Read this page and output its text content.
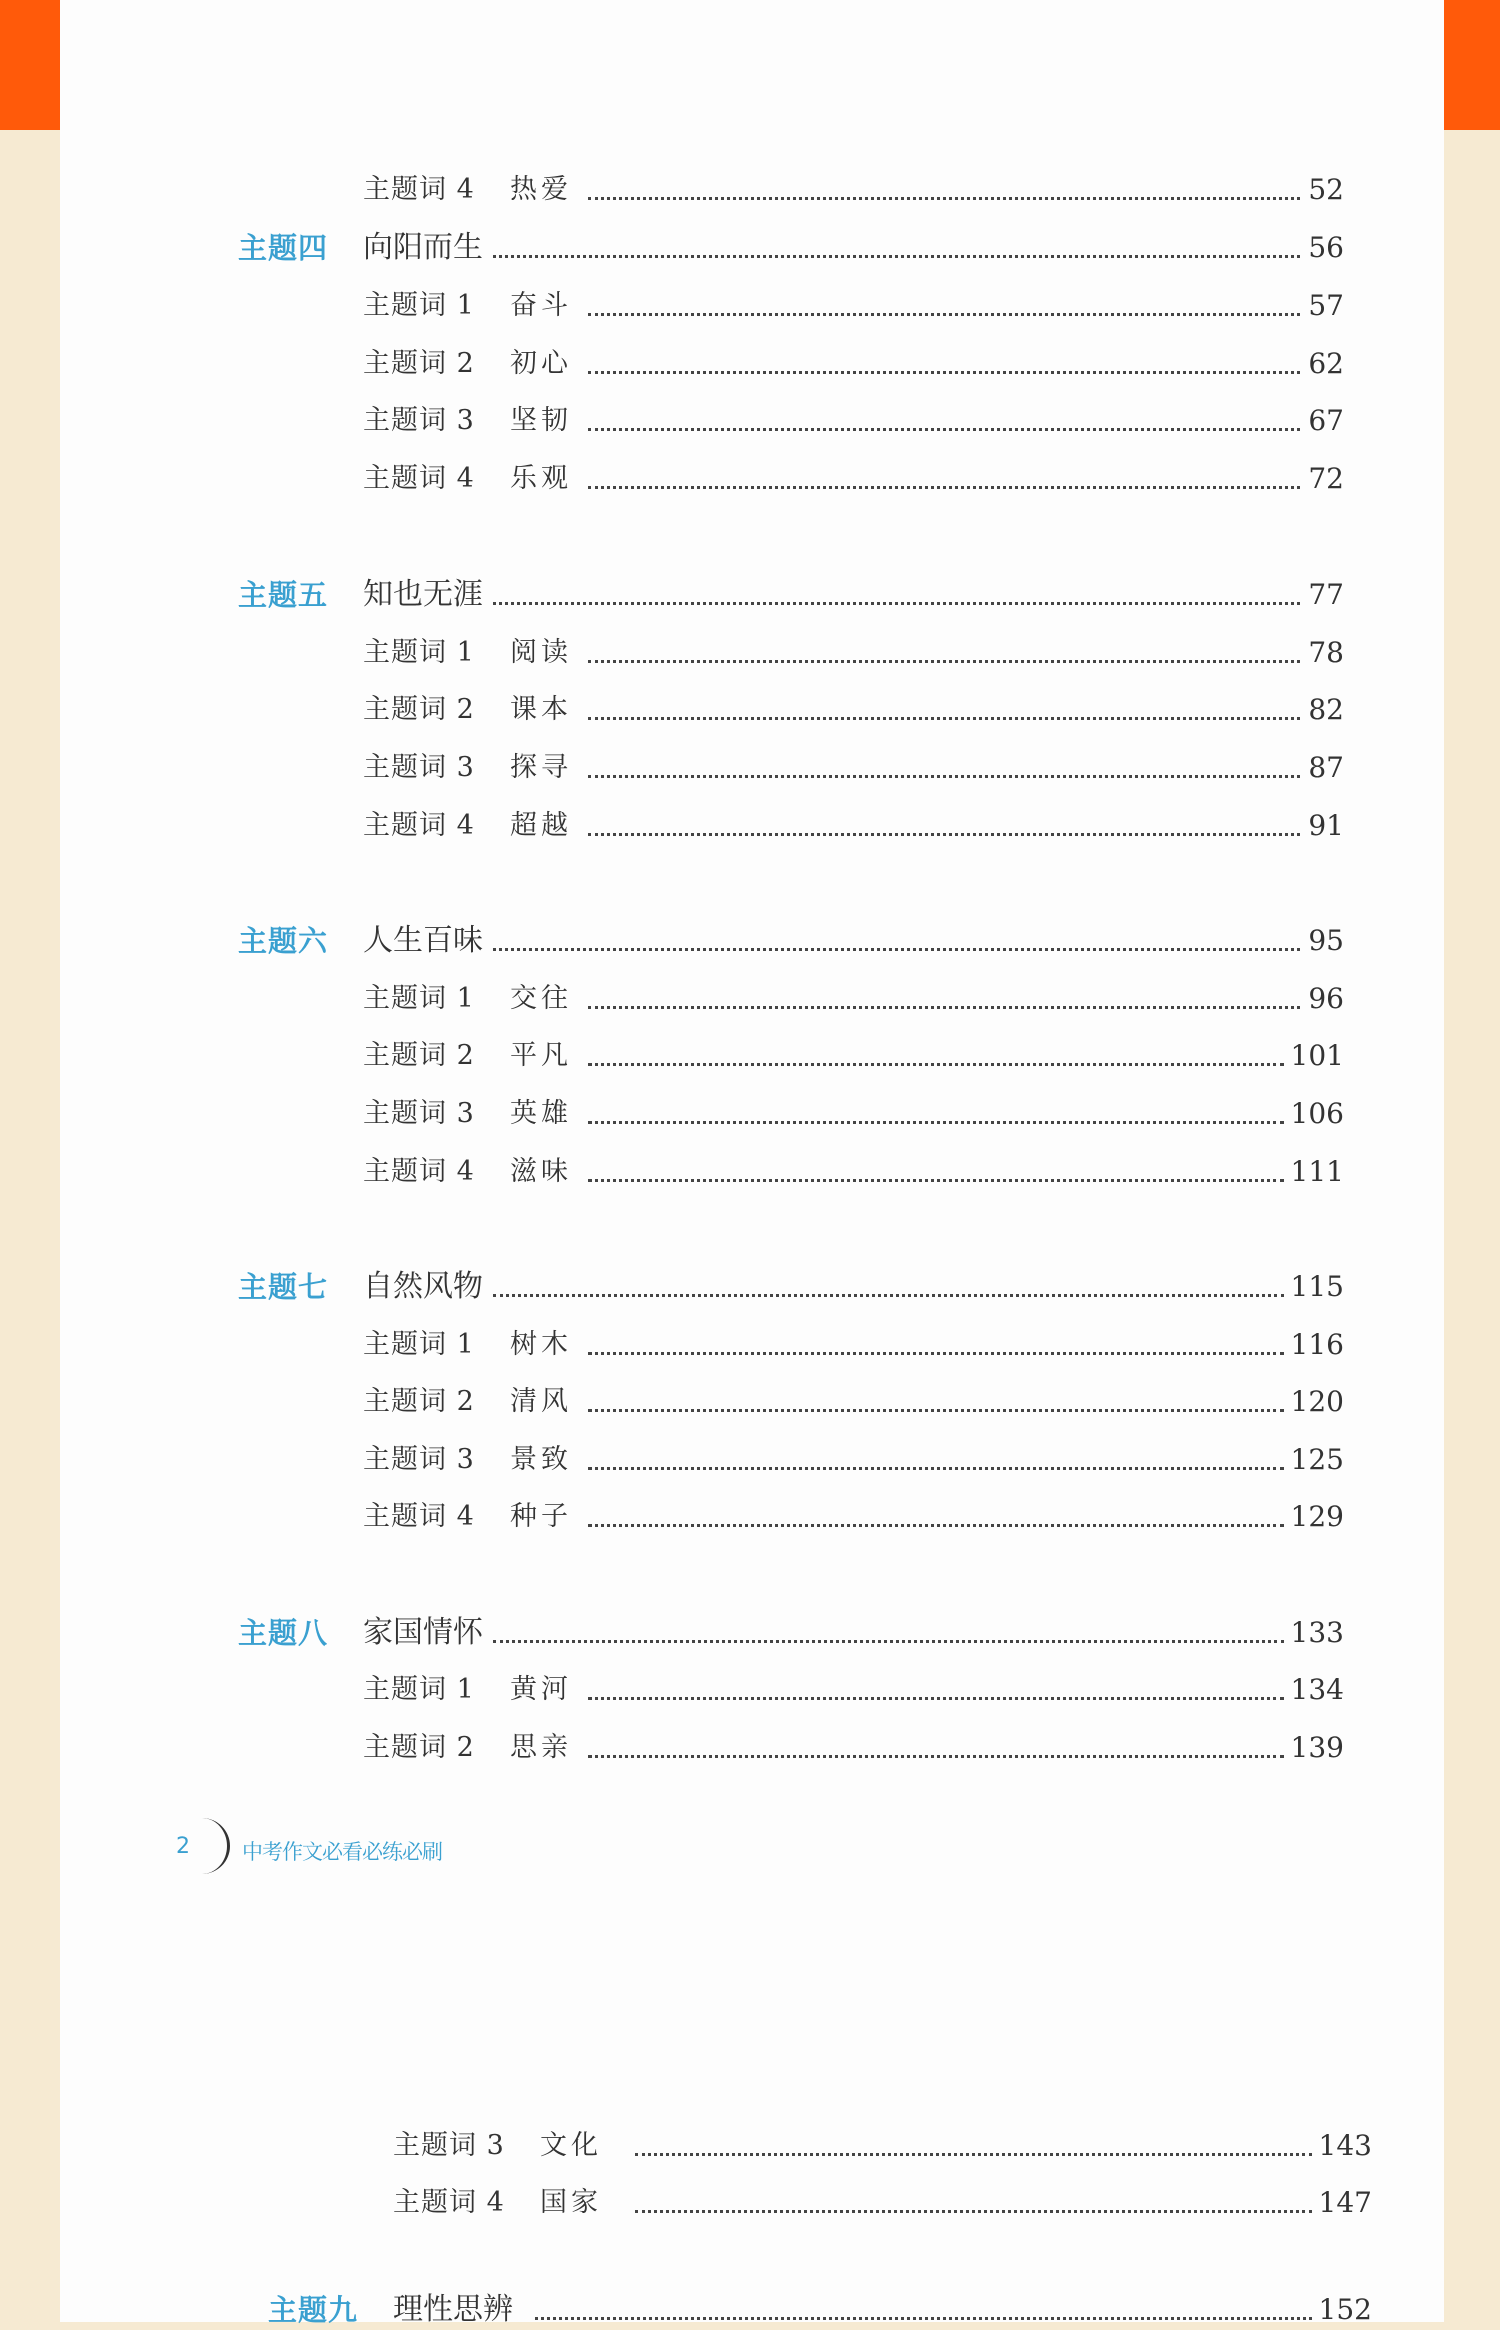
主题词 4 热爱	52
主题四 向阳而生	56
主题词 1 奋斗	57
主题词 2 初心	62
主题词 3 坚韧	67
主题词 4 乐观	72
主题五 知也无涯	77
主题词 1 阅读	78
主题词 2 课本	82
主题词 3 探寻	87
主题词 4 超越	91
主题六 人生百味	95
主题词 1 交往	96
主题词 2 平凡	101
主题词 3 英雄	106
主题词 4 滋味	111
主题七 自然风物	115
主题词 1 树木	116
主题词 2 清风	120
主题词 3 景致	125
主题词 4 种子	129
主题八 家国情怀	133
主题词 1 黄河	134
主题词 2 思亲	139
2 中考作文必看必练必刷
主题词 3 文化	143
主题词 4 国家	147
主题九 理性思辨	152
